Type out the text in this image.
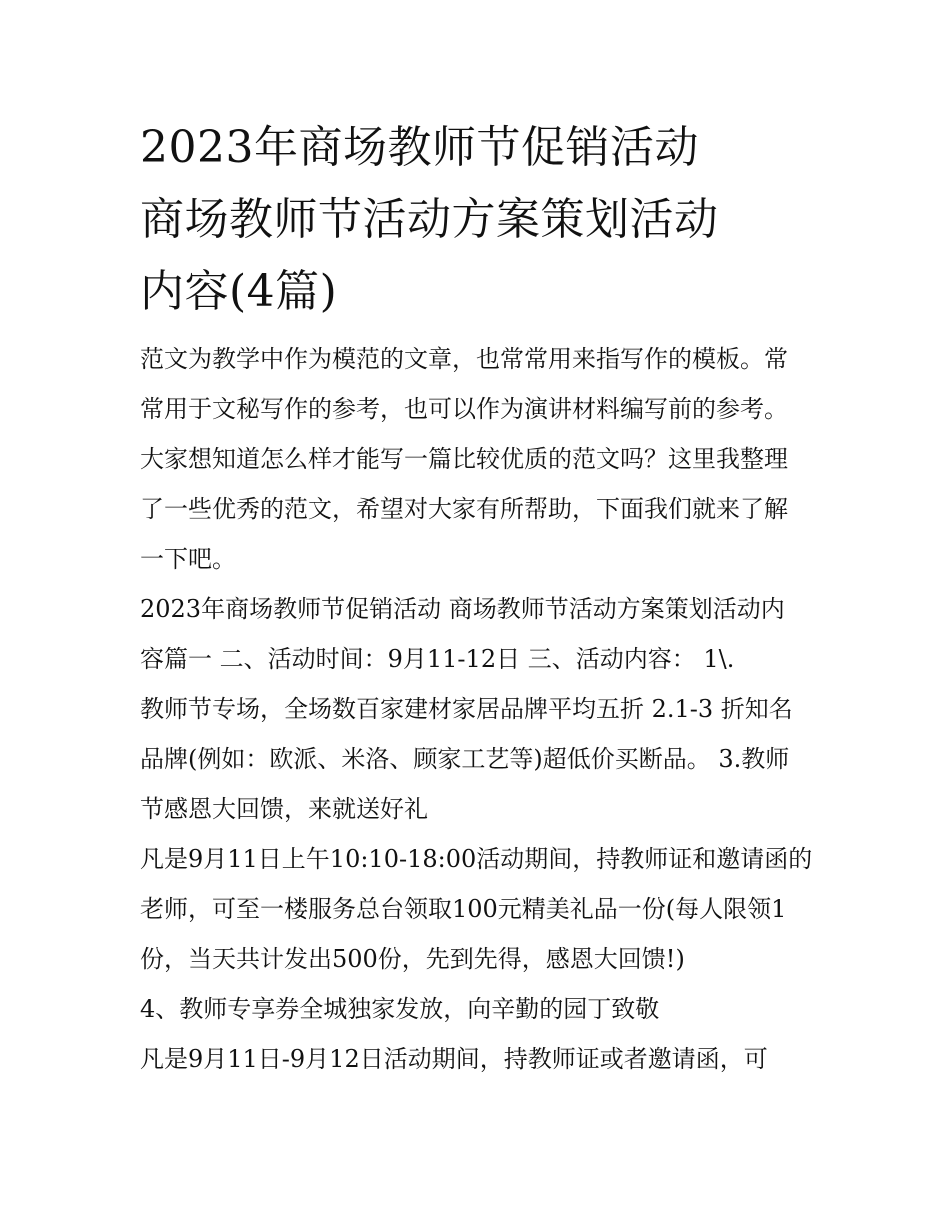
2023年商场教师节促销活动
商场教师节活动方案策划活动
内容(4篇)

范文为教学中作为模范的文章，也常常用来指写作的模板。常
常用于文秘写作的参考，也可以作为演讲材料编写前的参考。
大家想知道怎么样才能写一篇比较优质的范文吗？这里我整理
了一些优秀的范文，希望对大家有所帮助，下面我们就来了解
一下吧。

2023年商场教师节促销活动 商场教师节活动方案策划活动内
容篇一 二、活动时间：9月11-12日 三、活动内容： 1\.
教师节专场，全场数百家建材家居品牌平均五折 2.1-3 折知名
品牌(例如：欧派、米洛、顾家工艺等)超低价买断品。 3.教师
节感恩大回馈，来就送好礼

凡是9月11日上午10:10-18:00活动期间，持教师证和邀请函的
老师，可至一楼服务总台领取100元精美礼品一份(每人限领1
份，当天共计发出500份，先到先得，感恩大回馈!)

4、教师专享券全城独家发放，向辛勤的园丁致敬

凡是9月11日-9月12日活动期间，持教师证或者邀请函，可
